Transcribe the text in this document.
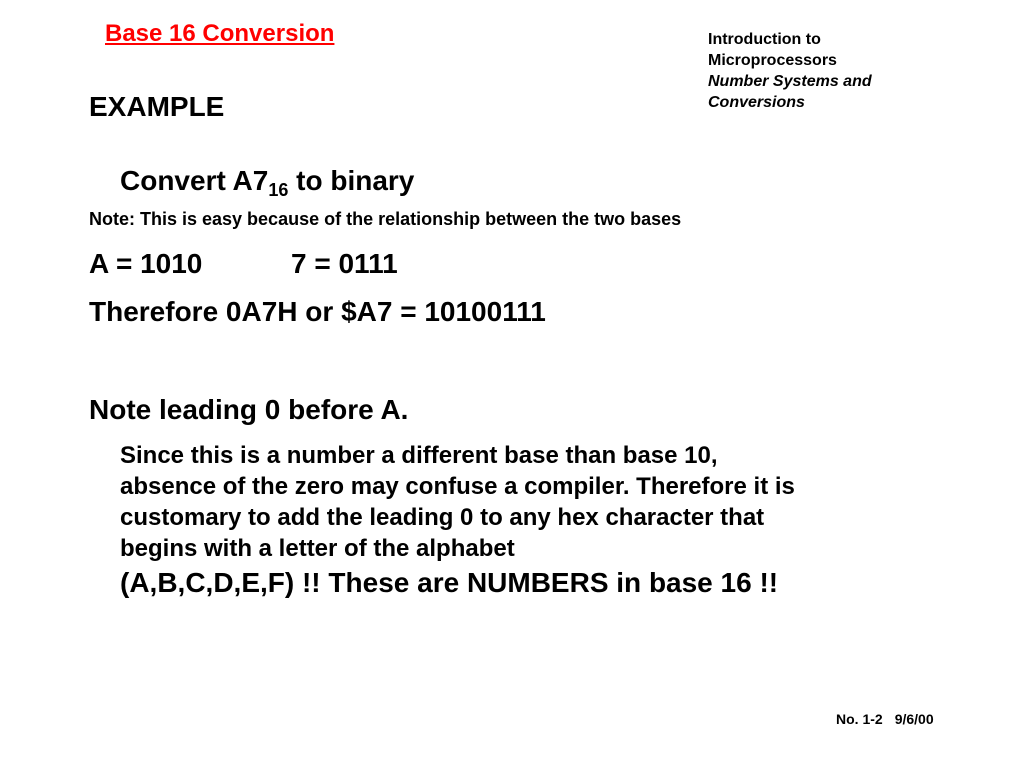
Base 16 Conversion	Introduction to
Microprocessors
Number Systems and
Conversions
EXAMPLE
Convert $A7_{16}$ to binary
Note: This is easy because of the relationship between the two bases
A = 1010	7 = 0111
Therefore 0A7H or $A7 = 10100111
Note leading 0 before A.
Since this is a number a different base than base 10,
absence of the zero may confuse a compiler. Therefore it is
customary to add the leading 0 to any hex character that
begins with a letter of the alphabet
(A,B,C,D,E,F) !! These are NUMBERS in base 16 !!
No. 1-2 9/6/00
